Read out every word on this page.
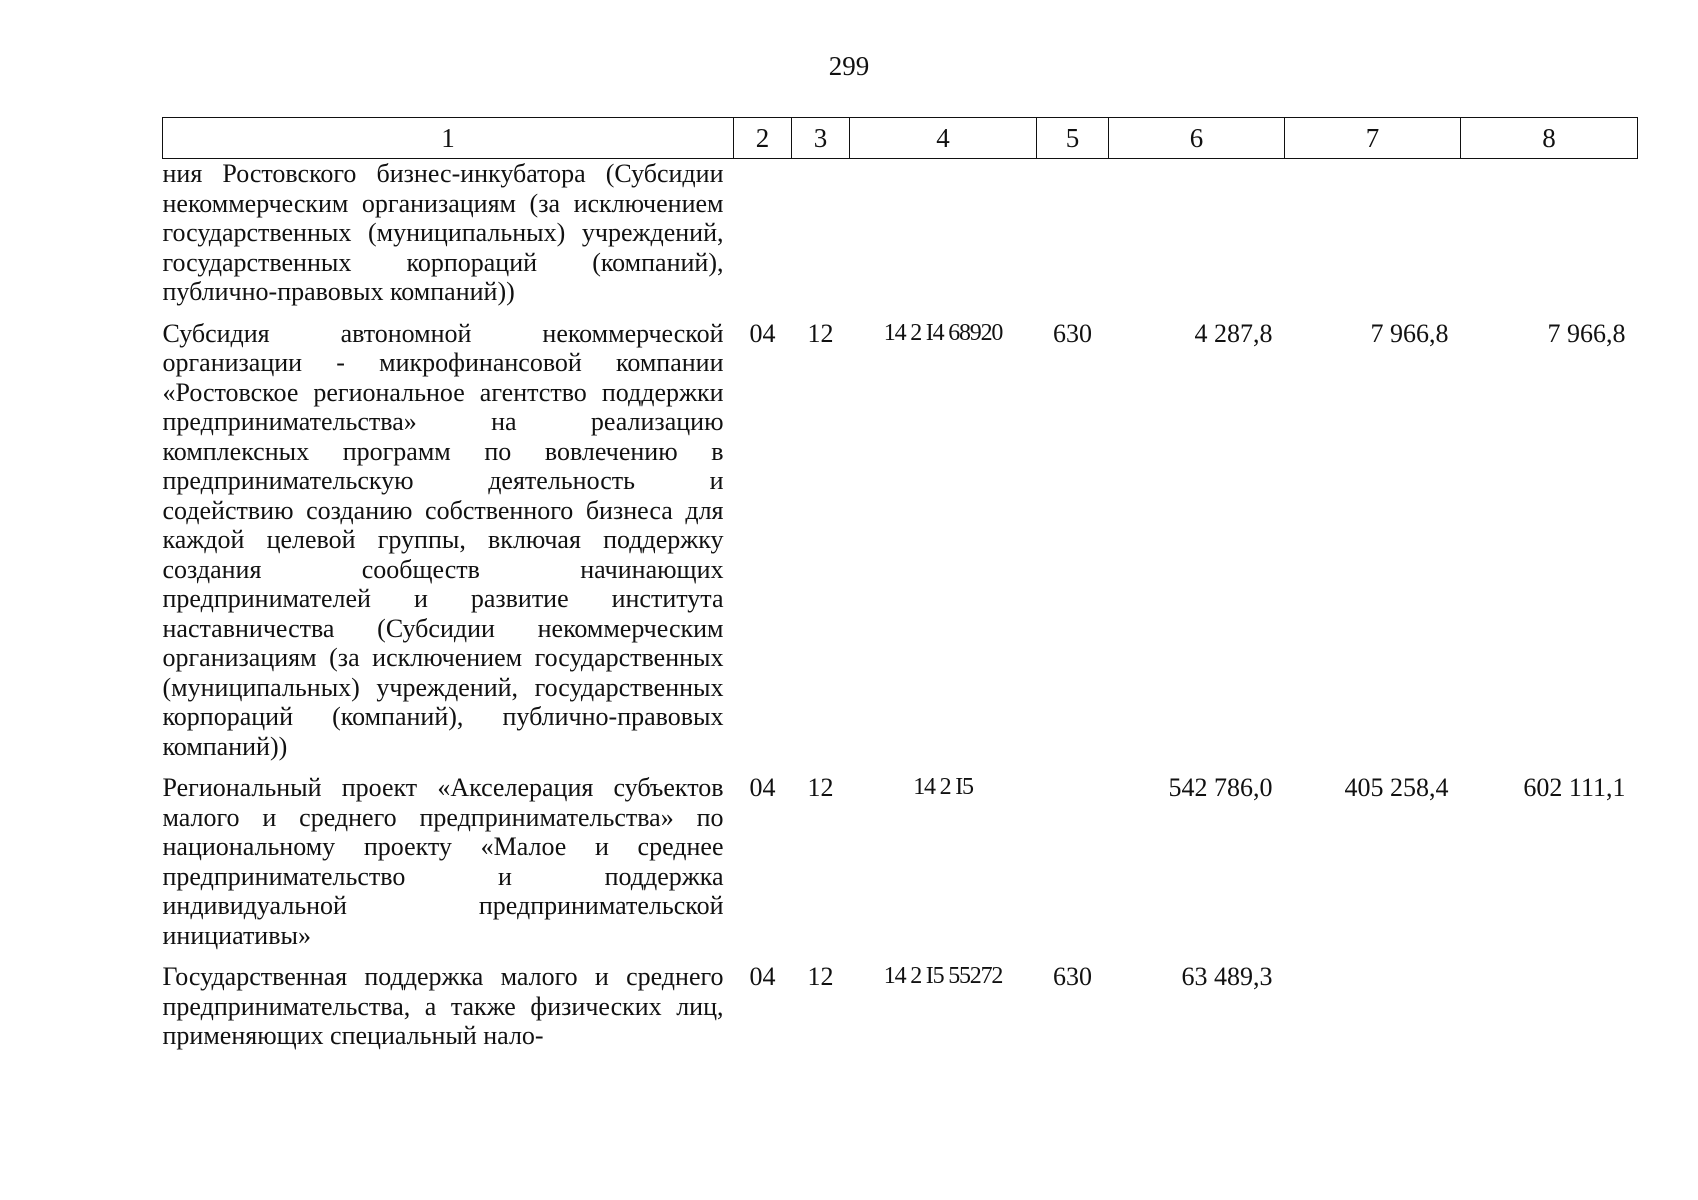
299
1	2	3	4	5	6	7	8
ния Ростовского бизнес-инкубатора (Субсидии некоммерческим организациям (за исключением государственных (муниципальных) учреждений, государственных корпораций (компаний), публично-правовых компаний))							
Субсидия автономной некоммерческой организации - микрофинансовой компании «Ростовское региональное агентство поддержки предпринимательства» на реализацию комплексных программ по вовлечению в предпринимательскую деятельность и содействию созданию собственного бизнеса для каждой целевой группы, включая поддержку создания сообществ начинающих предпринимателей и развитие института наставничества (Субсидии некоммерческим организациям (за исключением государственных (муниципальных) учреждений, государственных корпораций (компаний), публично-правовых компаний))	04	12	14 2 I4 68920	630	4 287,8	7 966,8	7 966,8
Региональный проект «Акселерация субъектов малого и среднего предпринимательства» по национальному проекту «Малое и среднее предпринимательство и поддержка индивидуальной предпринимательской инициативы»	04	12	14 2 I5		542 786,0	405 258,4	602 111,1
Государственная поддержка малого и среднего предпринимательства, а также физических лиц, применяющих специальный нало-	04	12	14 2 I5 55272	630	63 489,3		
